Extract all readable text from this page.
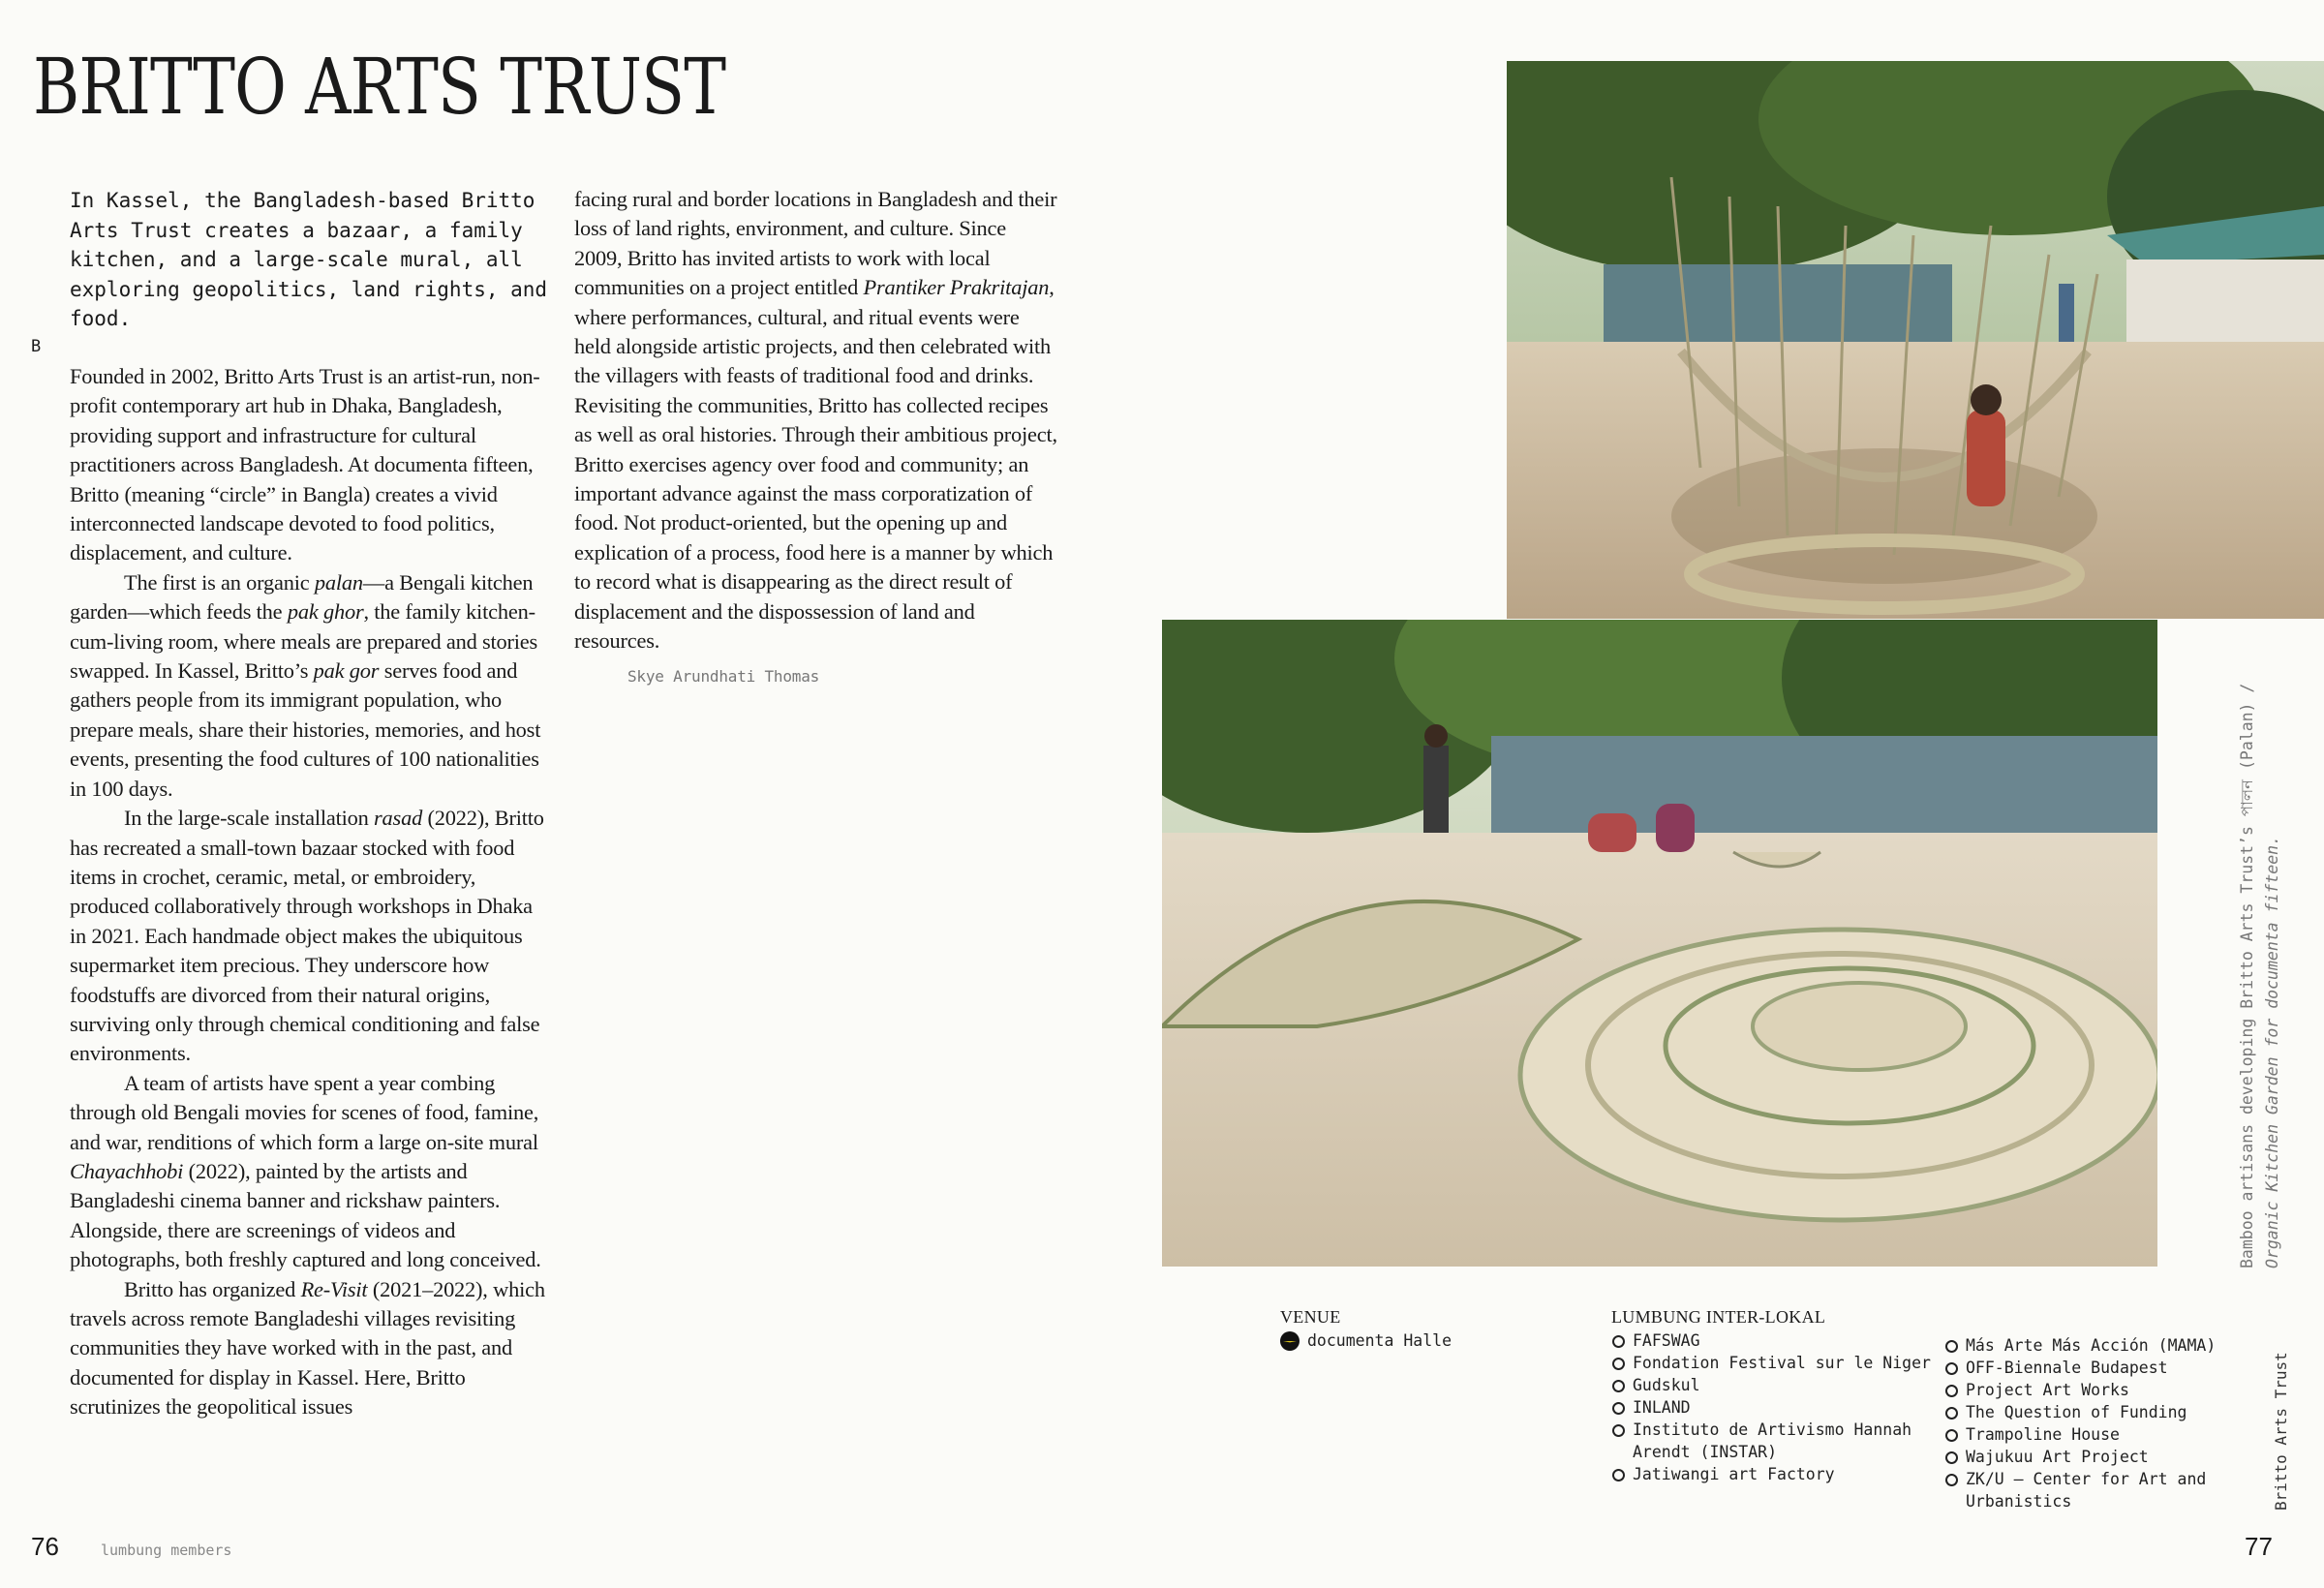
BRITTO ARTS TRUST
In Kassel, the Bangladesh-based Britto Arts Trust creates a bazaar, a family kitchen, and a large-scale mural, all exploring geopolitics, land rights, and food.
B

Founded in 2002, Britto Arts Trust is an artist-run, non-profit contemporary art hub in Dhaka, Bangladesh, providing support and infrastructure for cultural practitioners across Bangladesh. At documenta fifteen, Britto (meaning “circle” in Bangla) creates a vivid interconnected landscape devoted to food politics, displacement, and culture.

The first is an organic palan—a Bengali kitchen garden—which feeds the pak ghor, the family kitchen-cum-living room, where meals are prepared and stories swapped. In Kassel, Britto’s pak gor serves food and gathers people from its immigrant population, who prepare meals, share their histories, memories, and host events, presenting the food cultures of 100 nationalities in 100 days.

In the large-scale installation rasad (2022), Britto has recreated a small-town bazaar stocked with food items in crochet, ceramic, metal, or embroidery, produced collaboratively through workshops in Dhaka in 2021. Each handmade object makes the ubiquitous supermarket item precious. They underscore how foodstuffs are divorced from their natural origins, surviving only through chemical conditioning and false environments.

A team of artists have spent a year combing through old Bengali movies for scenes of food, famine, and war, renditions of which form a large on-site mural Chayachhobi (2022), painted by the artists and Bangladeshi cinema banner and rickshaw painters. Alongside, there are screenings of videos and photographs, both freshly captured and long conceived.

Britto has organized Re-Visit (2021–2022), which travels across remote Bangladeshi villages revisiting communities they have worked with in the past, and documented for display in Kassel. Here, Britto scrutinizes the geopolitical issues

facing rural and border locations in Bangladesh and their loss of land rights, environment, and culture. Since 2009, Britto has invited artists to work with local communities on a project entitled Prantiker Prakritajan, where performances, cultural, and ritual events were held alongside artistic projects, and then celebrated with the villagers with feasts of traditional food and drinks. Revisiting the communities, Britto has collected recipes as well as oral histories. Through their ambitious project, Britto exercises agency over food and community; an important advance against the mass corporatization of food. Not product-oriented, but the opening up and explication of a process, food here is a manner by which to record what is disappearing as the direct result of displacement and the dispossession of land and resources.

Skye Arundhati Thomas
Bamboo artisans developing Britto Arts Trust’s পালন (Palan) / Organic Kitchen Garden for documenta fifteen.
Britto Arts Trust
VENUE
documenta Halle
LUMBUNG INTER-LOKAL
FAFSWAG
Fondation Festival sur le Niger
Gudskul
INLAND
Instituto de Artivismo Hannah Arendt (INSTAR)
Jatiwangi art Factory
Más Arte Más Acción (MAMA)
OFF-Biennale Budapest
Project Art Works
The Question of Funding
Trampoline House
Wajukuu Art Project
ZK/U – Center for Art and Urbanistics
76	lumbung members	77
